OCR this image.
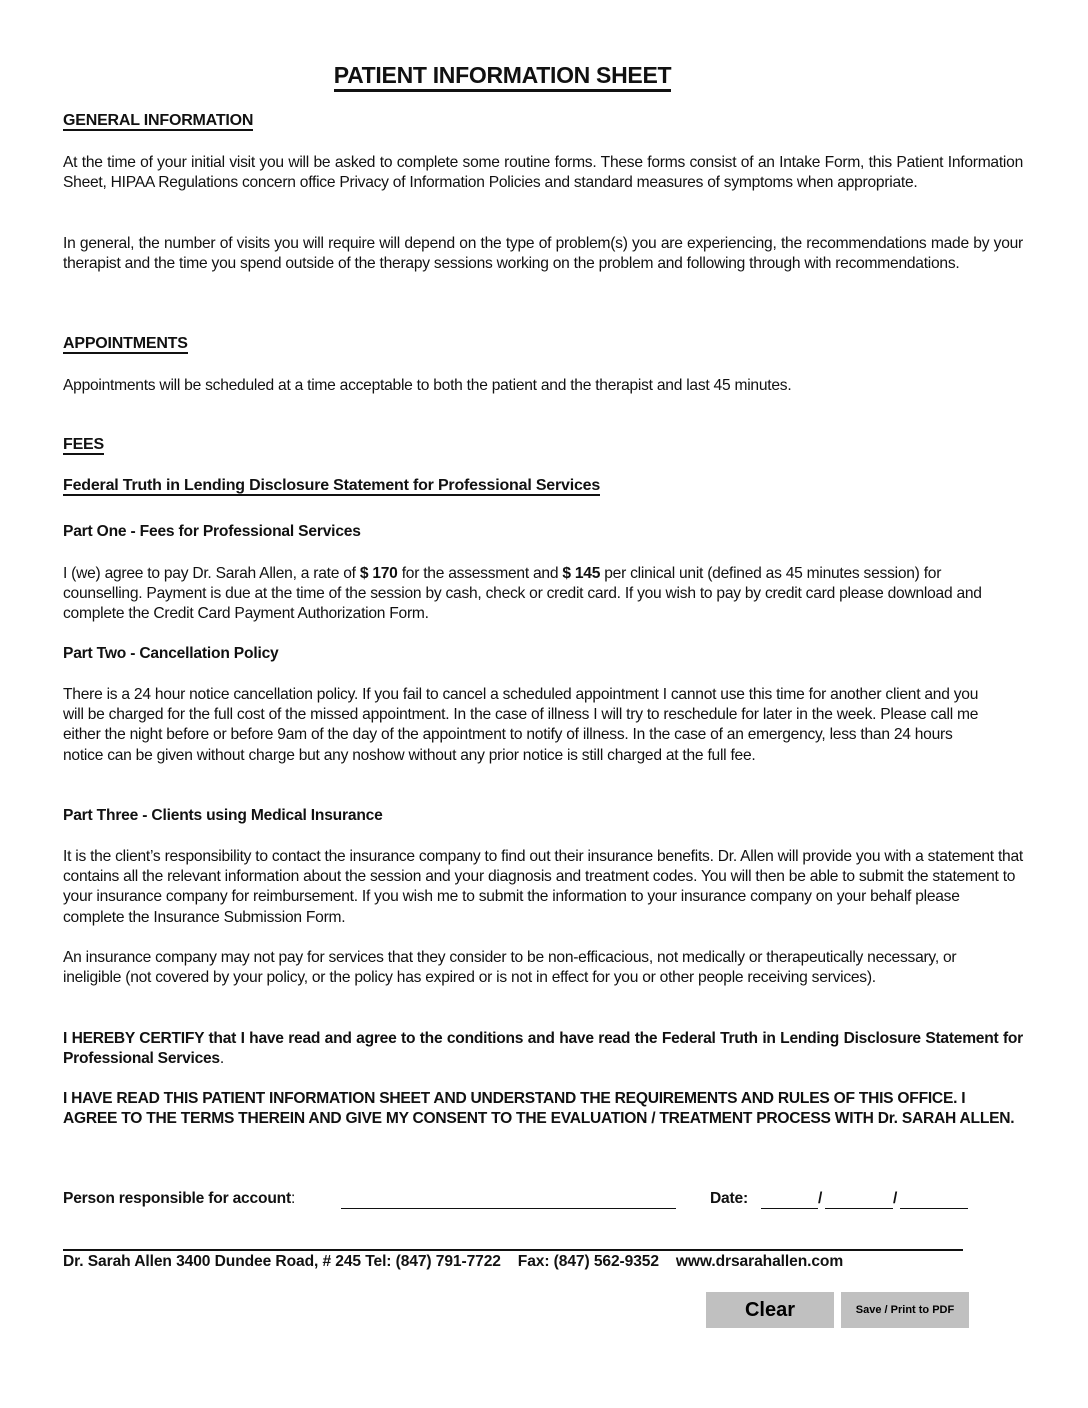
PATIENT INFORMATION SHEET
GENERAL INFORMATION
At the time of your initial visit you will be asked to complete some routine forms. These forms consist of an Intake Form, this Patient Information Sheet, HIPAA Regulations concern office Privacy of Information Policies and standard measures of symptoms when appropriate.
In general, the number of visits you will require will depend on the type of problem(s) you are experiencing, the recommendations made by your therapist and the time you spend outside of the therapy sessions working on the problem and following through with recommendations.
APPOINTMENTS
Appointments will be scheduled at a time acceptable to both the patient and the therapist and last 45 minutes.
FEES
Federal Truth in Lending Disclosure Statement for Professional Services
Part One - Fees for Professional Services
I (we) agree to pay Dr. Sarah Allen, a rate of $ 170 for the assessment and $ 145 per clinical unit (defined as 45 minutes session) for counselling. Payment is due at the time of the session by cash, check or credit card. If you wish to pay by credit card please download and complete the Credit Card Payment Authorization Form.
Part Two - Cancellation Policy
There is a 24 hour notice cancellation policy. If you fail to cancel a scheduled appointment I cannot use this time for another client and you will be charged for the full cost of the missed appointment. In the case of illness I will try to reschedule for later in the week. Please call me either the night before or before 9am of the day of the appointment to notify of illness. In the case of an emergency, less than 24 hours notice can be given without charge but any noshow without any prior notice is still charged at the full fee.
Part Three - Clients using Medical Insurance
It is the client’s responsibility to contact the insurance company to find out their insurance benefits. Dr. Allen will provide you with a statement that contains all the relevant information about the session and your diagnosis and treatment codes. You will then be able to submit the statement to your insurance company for reimbursement. If you wish me to submit the information to your insurance company on your behalf please complete the Insurance Submission Form.
An insurance company may not pay for services that they consider to be non-efficacious, not medically or therapeutically necessary, or ineligible (not covered by your policy, or the policy has expired or is not in effect for you or other people receiving services).
I HEREBY CERTIFY that I have read and agree to the conditions and have read the Federal Truth in Lending Disclosure Statement for Professional Services.
I HAVE READ THIS PATIENT INFORMATION SHEET AND UNDERSTAND THE REQUIREMENTS AND RULES OF THIS OFFICE. I AGREE TO THE TERMS THEREIN AND GIVE MY CONSENT TO THE EVALUATION / TREATMENT PROCESS WITH Dr. SARAH ALLEN.
Person responsible for account:	Date:	/	/
Dr. Sarah Allen 3400 Dundee Road, # 245 Tel: (847) 791-7722    Fax: (847) 562-9352    www.drsarahallen.com
Clear	Save / Print to PDF
